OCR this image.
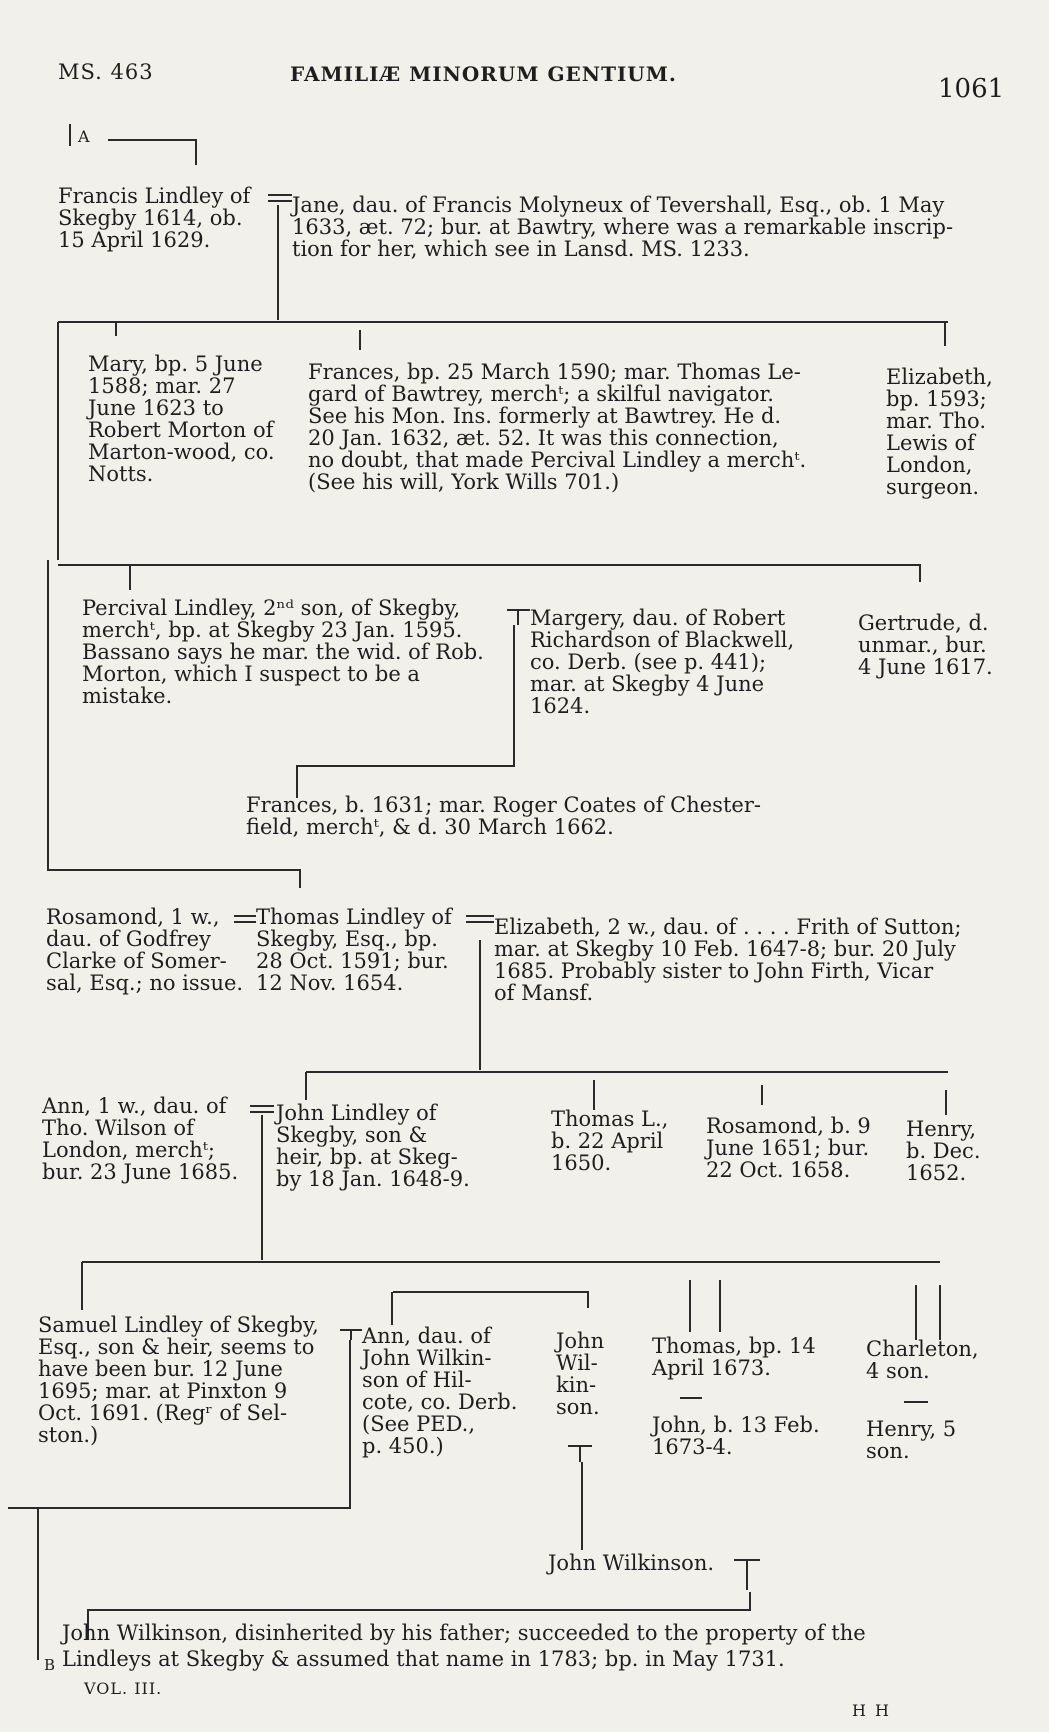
MS. 463	FAMILIÆ MINORUM GENTIUM.	1061
A
Francis Lindley of
Skegby 1614, ob.
15 April 1629.
Jane, dau. of Francis Molyneux of Tevershall, Esq., ob. 1 May
1633, æt. 72; bur. at Bawtry, where was a remarkable inscrip-
tion for her, which see in Lansd. MS. 1233.
Mary, bp. 5 June
1588; mar. 27
June 1623 to
Robert Morton of
Marton-wood, co.
Notts.
Frances, bp. 25 March 1590; mar. Thomas Le-
gard of Bawtrey, merchᵗ; a skilful navigator.
See his Mon. Ins. formerly at Bawtrey. He d.
20 Jan. 1632, æt. 52. It was this connection,
no doubt, that made Percival Lindley a merchᵗ.
(See his will, York Wills 701.)
Elizabeth,
bp. 1593;
mar. Tho.
Lewis of
London,
surgeon.
Percival Lindley, 2ⁿᵈ son, of Skegby,
merchᵗ, bp. at Skegby 23 Jan. 1595.
Bassano says he mar. the wid. of Rob.
Morton, which I suspect to be a
mistake.
Margery, dau. of Robert
Richardson of Blackwell,
co. Derb. (see p. 441);
mar. at Skegby 4 June
1624.
Gertrude, d.
unmar., bur.
4 June 1617.
Frances, b. 1631; mar. Roger Coates of Chester-
field, merchᵗ, & d. 30 March 1662.
Rosamond, 1 w.,
dau. of Godfrey
Clarke of Somer-
sal, Esq.; no issue.
Thomas Lindley of
Skegby, Esq., bp.
28 Oct. 1591; bur.
12 Nov. 1654.
Elizabeth, 2 w., dau. of . . . . Frith of Sutton;
mar. at Skegby 10 Feb. 1647-8; bur. 20 July
1685. Probably sister to John Firth, Vicar
of Mansf.
Ann, 1 w., dau. of
Tho. Wilson of
London, merchᵗ;
bur. 23 June 1685.
John Lindley of
Skegby, son &
heir, bp. at Skeg-
by 18 Jan. 1648-9.
Thomas L.,
b. 22 April
1650.
Rosamond, b. 9
June 1651; bur.
22 Oct. 1658.
Henry,
b. Dec.
1652.
Samuel Lindley of Skegby,
Esq., son & heir, seems to
have been bur. 12 June
1695; mar. at Pinxton 9
Oct. 1691. (Regʳ of Sel-
ston.)
Ann, dau. of
John Wilkin-
son of Hil-
cote, co. Derb.
(See PED.,
p. 450.)
John
Wil-
kin-
son.
Thomas, bp. 14
April 1673.
John, b. 13 Feb.
1673-4.
Charleton,
4 son.
Henry, 5
son.
John Wilkinson.
John Wilkinson, disinherited by his father; succeeded to the property of the
Lindleys at Skegby & assumed that name in 1783; bp. in May 1731.
B
VOL. III.
H H
